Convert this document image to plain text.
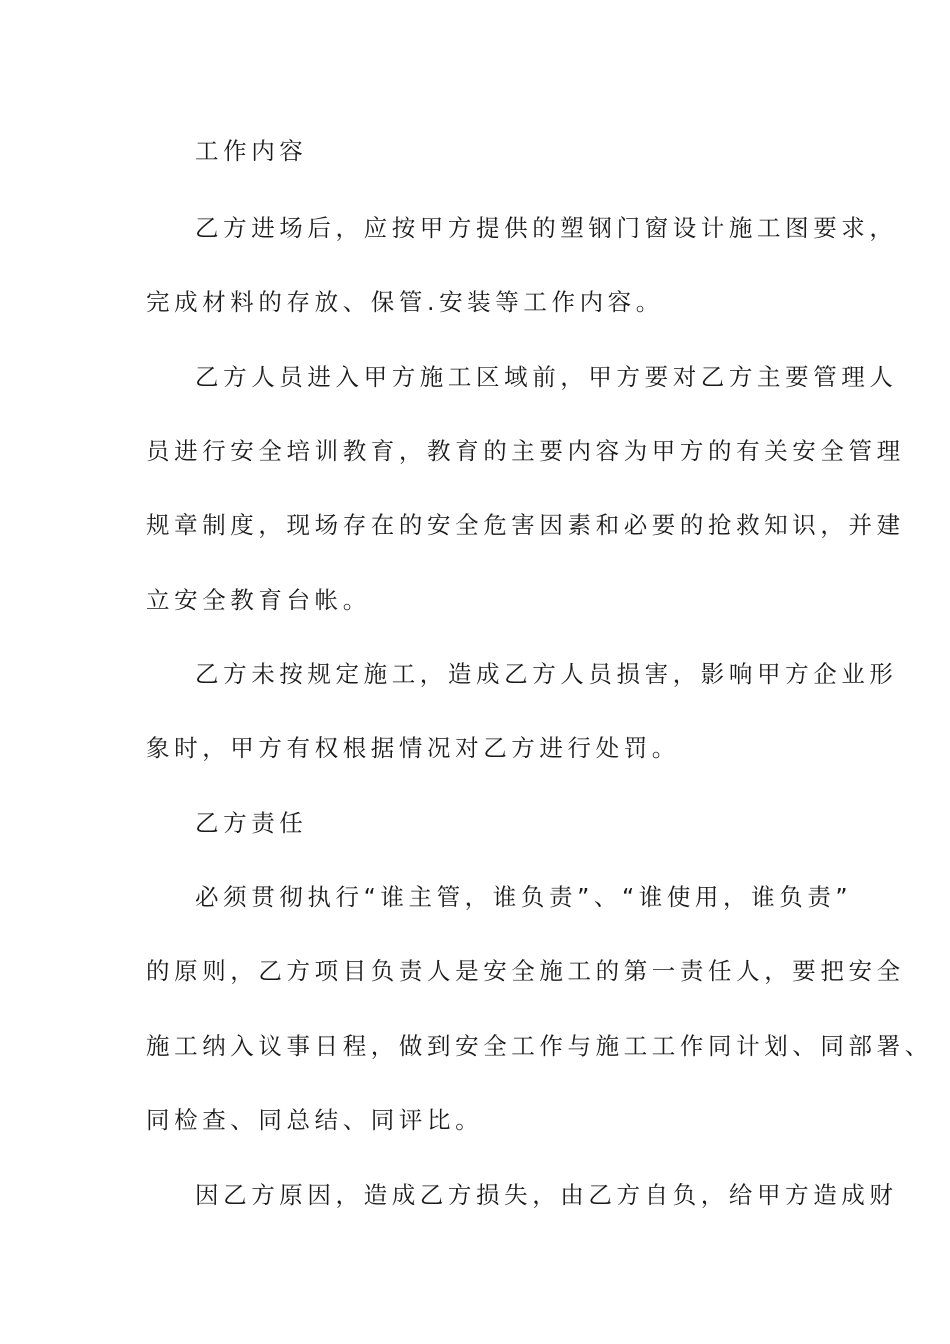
工作内容
乙方进场后，应按甲方提供的塑钢门窗设计施工图要求，
完成材料的存放、保管.安装等工作内容。
乙方人员进入甲方施工区域前，甲方要对乙方主要管理人
员进行安全培训教育，教育的主要内容为甲方的有关安全管理
规章制度，现场存在的安全危害因素和必要的抢救知识，并建
立安全教育台帐。
乙方未按规定施工，造成乙方人员损害，影响甲方企业形
象时，甲方有权根据情况对乙方进行处罚。
乙方责任
必须贯彻执行“谁主管，谁负责”、“谁使用，谁负责”
的原则，乙方项目负责人是安全施工的第一责任人，要把安全
施工纳入议事日程，做到安全工作与施工工作同计划、同部署、
同检查、同总结、同评比。
因乙方原因，造成乙方损失，由乙方自负，给甲方造成财
